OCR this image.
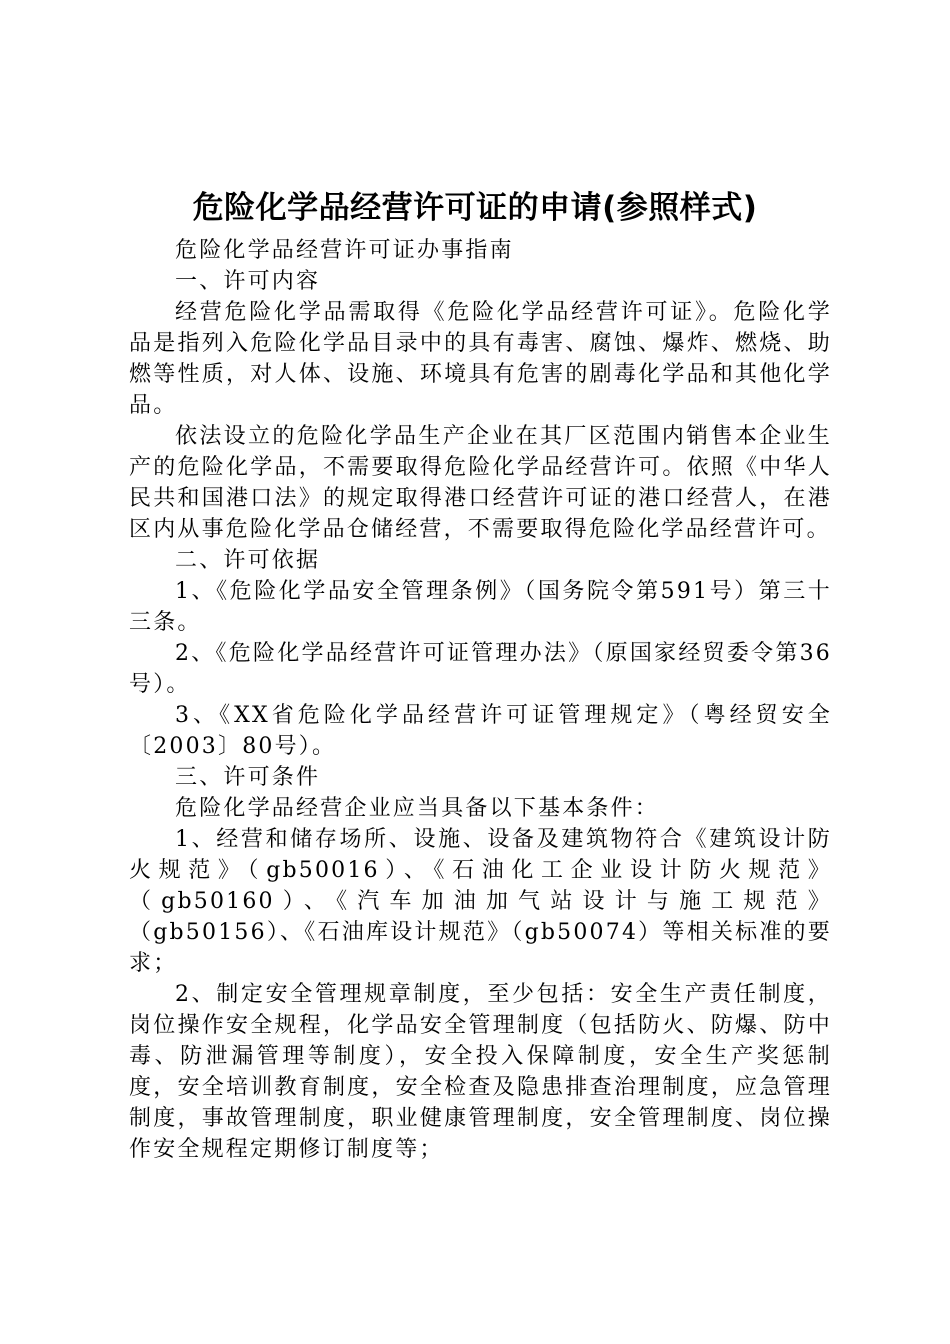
危险化学品经营许可证的申请(参照样式)

危险化学品经营许可证办事指南

一、许可内容

经营危险化学品需取得《危险化学品经营许可证》。危险化学品是指列入危险化学品目录中的具有毒害、腐蚀、爆炸、燃烧、助燃等性质，对人体、设施、环境具有危害的剧毒化学品和其他化学品。

依法设立的危险化学品生产企业在其厂区范围内销售本企业生产的危险化学品，不需要取得危险化学品经营许可。依照《中华人民共和国港口法》的规定取得港口经营许可证的港口经营人，在港区内从事危险化学品仓储经营，不需要取得危险化学品经营许可。

二、许可依据

1、《危险化学品安全管理条例》（国务院令第591号）第三十三条。

2、《危险化学品经营许可证管理办法》（原国家经贸委令第36号）。

3、《XX省危险化学品经营许可证管理规定》（粤经贸安全〔2003〕80号）。

三、许可条件

危险化学品经营企业应当具备以下基本条件：

1、经营和储存场所、设施、设备及建筑物符合《建筑设计防火规范》（gb50016）、《石油化工企业设计防火规范》（gb50160）、《汽车加油加气站设计与施工规范》（gb50156）、《石油库设计规范》（gb50074）等相关标准的要求；

2、制定安全管理规章制度，至少包括：安全生产责任制度，岗位操作安全规程，化学品安全管理制度（包括防火、防爆、防中毒、防泄漏管理等制度），安全投入保障制度，安全生产奖惩制度，安全培训教育制度，安全检查及隐患排查治理制度，应急管理制度，事故管理制度，职业健康管理制度，安全管理制度、岗位操作安全规程定期修订制度等；
